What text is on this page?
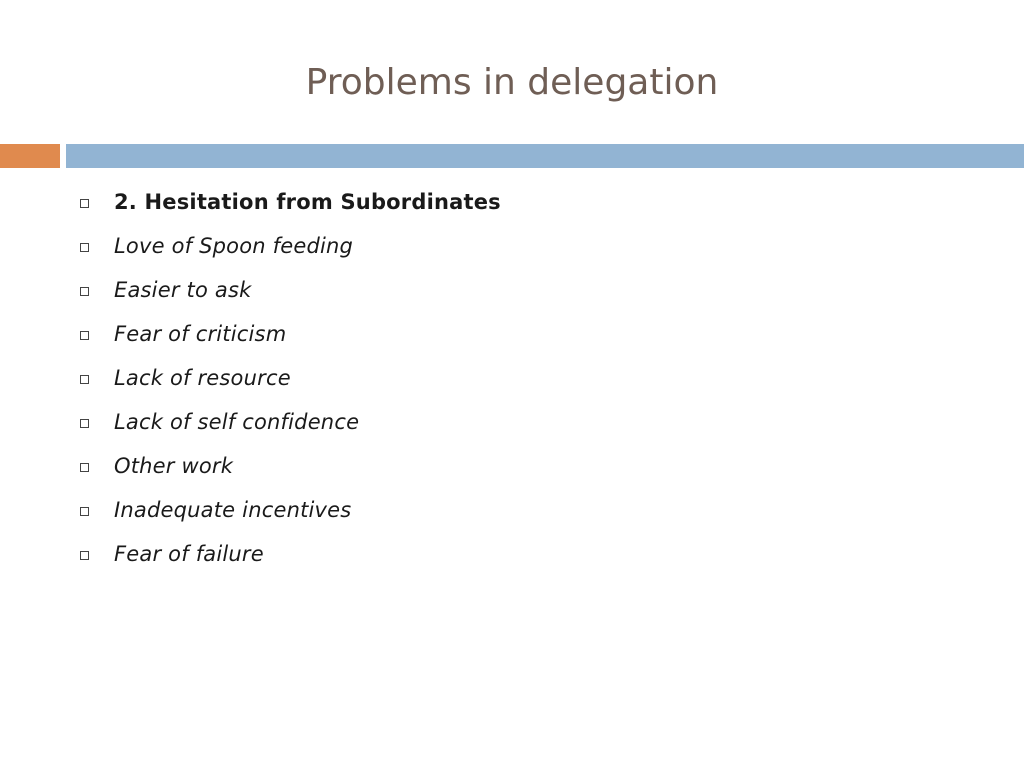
Problems in delegation
2. Hesitation from Subordinates
Love of Spoon feeding
Easier to ask
Fear of criticism
Lack of resource
Lack of self confidence
Other work
Inadequate incentives
Fear of failure
